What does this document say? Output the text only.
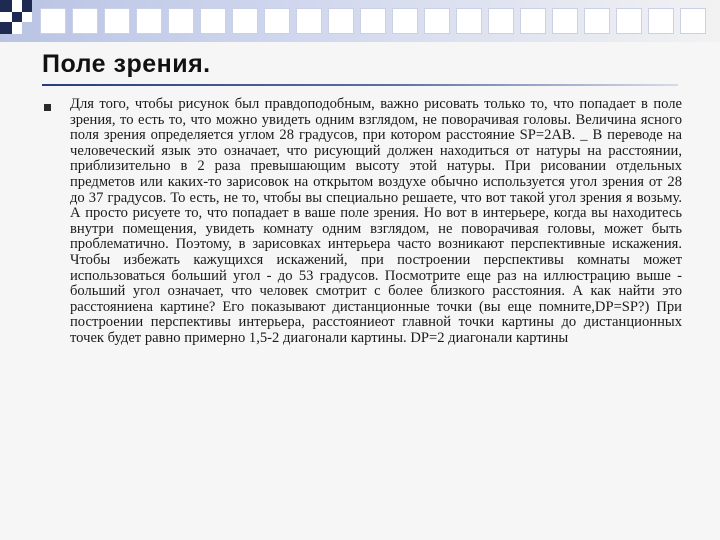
Поле зрения.
Для того, чтобы рисунок был правдоподобным, важно рисовать только то, что попадает в поле зрения, то есть то, что можно увидеть одним взглядом, не поворачивая головы. Величина ясного поля зрения определяется углом 28 градусов, при котором расстояние SP=2AB. _ В переводе на человеческий язык это означает, что рисующий должен находиться от натуры на расстоянии, приблизительно в 2 раза превышающим высоту этой натуры. При рисовании отдельных предметов или каких-то зарисовок на открытом воздухе обычно используется угол зрения от 28 до 37 градусов. То есть, не то, чтобы вы специально решаете, что вот такой угол зрения я возьму. А просто рисуете то, что попадает в ваше поле зрения. Но вот в интерьере, когда вы находитесь внутри помещения, увидеть комнату одним взглядом, не поворачивая головы, может быть проблематично. Поэтому, в зарисовках интерьера часто возникают перспективные искажения. Чтобы избежать кажущихся искажений, при построении перспективы комнаты может использоваться больший угол - до 53 градусов. Посмотрите еще раз на иллюстрацию выше - больший угол означает, что человек смотрит с более близкого расстояния. А как найти это расстояниена картине? Его показывают дистанционные точки (вы еще помните,DP=SP?) При построении перспективы интерьера, расстояниеот главной точки картины до дистанционных точек будет равно примерно 1,5-2 диагонали картины. DP=2 диагонали картины
